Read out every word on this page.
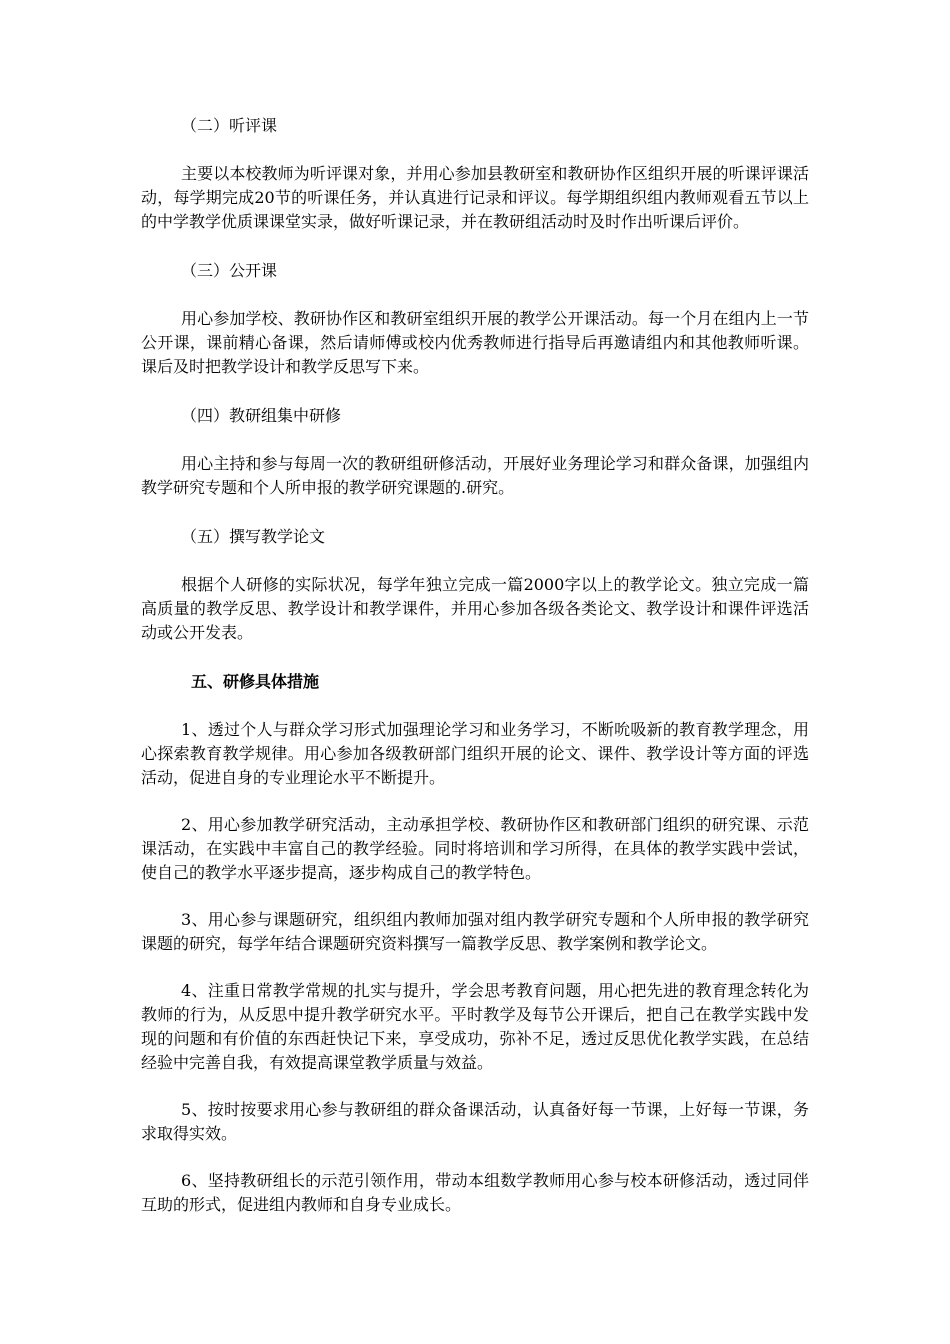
（二）听评课

主要以本校教师为听评课对象，并用心参加县教研室和教研协作区组织开展的听课评课活动，每学期完成20节的听课任务，并认真进行记录和评议。每学期组织组内教师观看五节以上的中学教学优质课课堂实录，做好听课记录，并在教研组活动时及时作出听课后评价。

（三）公开课

用心参加学校、教研协作区和教研室组织开展的教学公开课活动。每一个月在组内上一节公开课，课前精心备课，然后请师傅或校内优秀教师进行指导后再邀请组内和其他教师听课。课后及时把教学设计和教学反思写下来。

（四）教研组集中研修

用心主持和参与每周一次的教研组研修活动，开展好业务理论学习和群众备课，加强组内教学研究专题和个人所申报的教学研究课题的.研究。

（五）撰写教学论文

根据个人研修的实际状况，每学年独立完成一篇2000字以上的教学论文。独立完成一篇高质量的教学反思、教学设计和教学课件，并用心参加各级各类论文、教学设计和课件评选活动或公开发表。

五、研修具体措施

1、透过个人与群众学习形式加强理论学习和业务学习，不断吮吸新的教育教学理念，用心探索教育教学规律。用心参加各级教研部门组织开展的论文、课件、教学设计等方面的评选活动，促进自身的专业理论水平不断提升。

2、用心参加教学研究活动，主动承担学校、教研协作区和教研部门组织的研究课、示范课活动，在实践中丰富自己的教学经验。同时将培训和学习所得，在具体的教学实践中尝试，使自己的教学水平逐步提高，逐步构成自己的教学特色。

3、用心参与课题研究，组织组内教师加强对组内教学研究专题和个人所申报的教学研究课题的研究，每学年结合课题研究资料撰写一篇教学反思、教学案例和教学论文。

4、注重日常教学常规的扎实与提升，学会思考教育问题，用心把先进的教育理念转化为教师的行为，从反思中提升教学研究水平。平时教学及每节公开课后，把自己在教学实践中发现的问题和有价值的东西赶快记下来，享受成功，弥补不足，透过反思优化教学实践，在总结经验中完善自我，有效提高课堂教学质量与效益。

5、按时按要求用心参与教研组的群众备课活动，认真备好每一节课，上好每一节课，务求取得实效。

6、坚持教研组长的示范引领作用，带动本组数学教师用心参与校本研修活动，透过同伴互助的形式，促进组内教师和自身专业成长。
